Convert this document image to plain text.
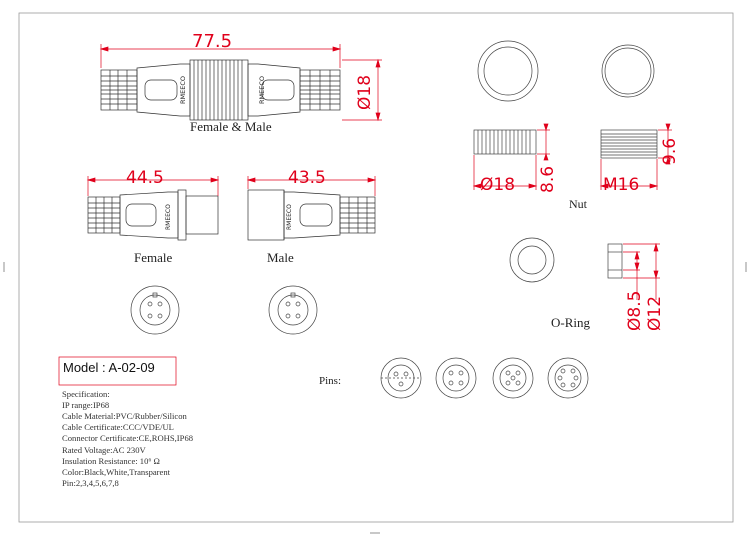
RMEECO	RMEECO
RMEECO	RMEECO
77.5
Ø18
44.5	43.5	Ø18 8.6	M16
9.6
Ø8.5 Ø12
Female & Male
Female	Male
Nut
O-Ring
Pins:
Model : A-02-09
Specification:
IP range:IP68
Cable Material:PVC/Rubber/Silicon
Cable Certificate:CCC/VDE/UL
Connector Certificate:CE,ROHS,IP68
Rated Voltage:AC 230V
Insulation Resistance: 10⁶ Ω
Color:Black,White,Transparent
Pin:2,3,4,5,6,7,8
